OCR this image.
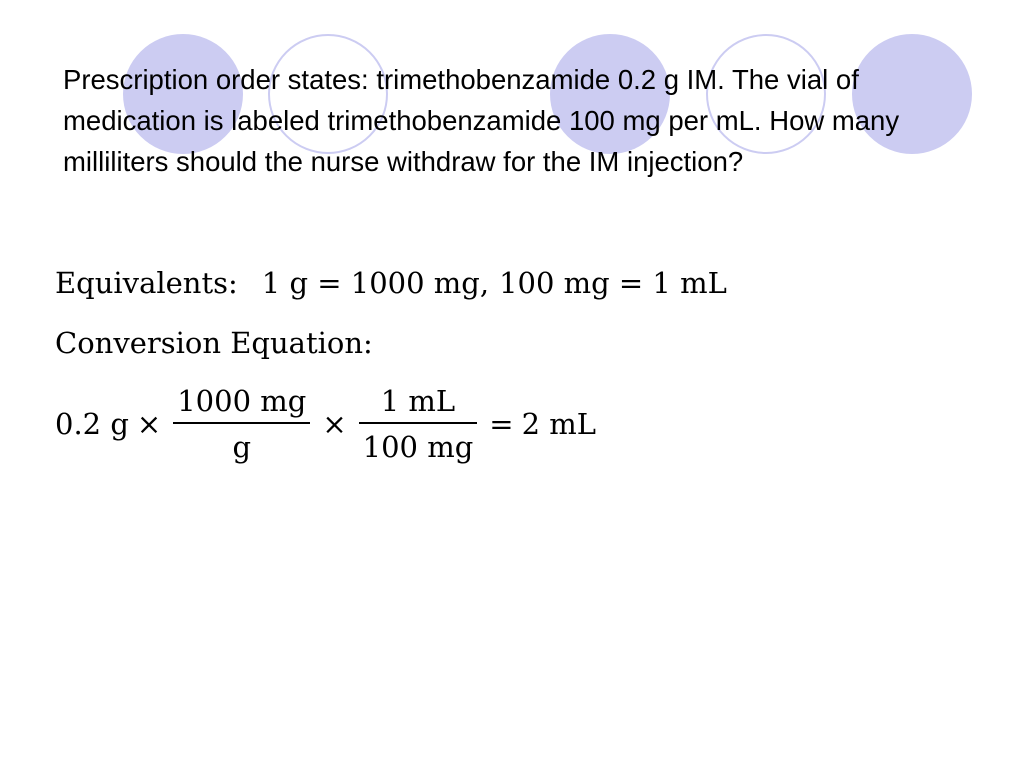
Prescription order states: trimethobenzamide 0.2 g IM. The vial of medication is labeled trimethobenzamide 100 mg per mL. How many milliliters should the nurse withdraw for the IM injection?

Equivalents: 1 g = 1000 mg, 100 mg = 1 mL
Conversion Equation:
0.2 $g \times \frac{1000 mg}{g} \times \frac{1 mL}{100 mg} = 2$ mL
